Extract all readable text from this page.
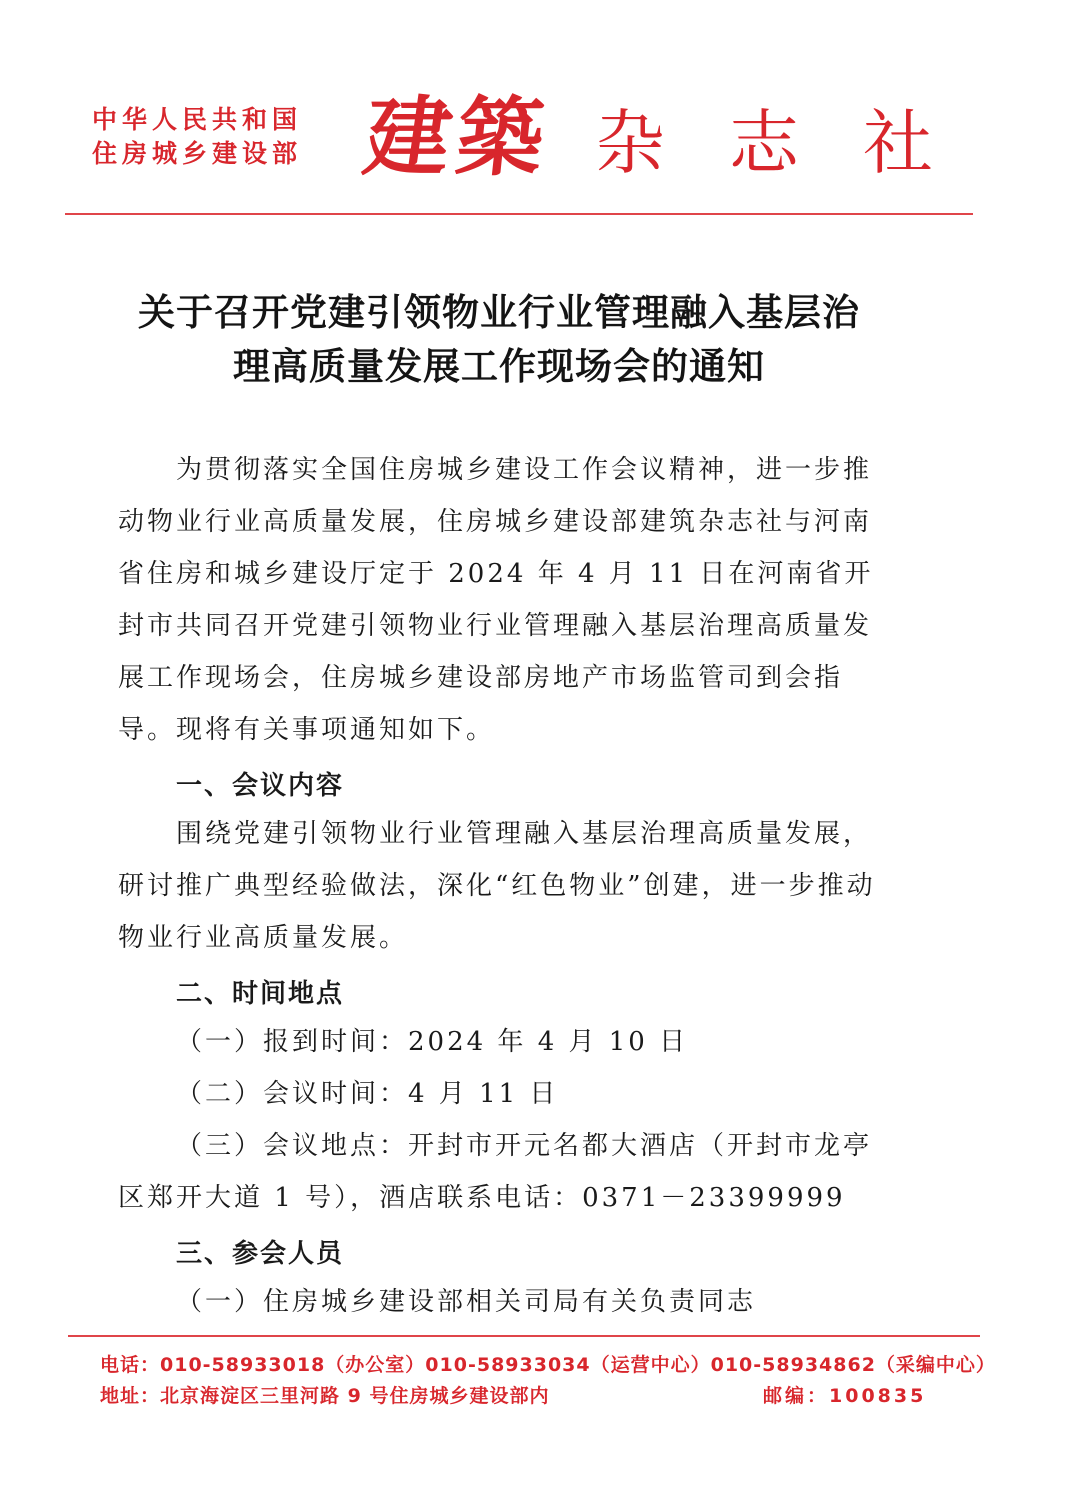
中华人民共和国
住房城乡建设部 建築 杂 志 社
关于召开党建引领物业行业管理融入基层治
理高质量发展工作现场会的通知

为贯彻落实全国住房城乡建设工作会议精神，进一步推动物业行业高质量发展，住房城乡建设部建筑杂志社与河南省住房和城乡建设厅定于 2024 年 4 月 11 日在河南省开封市共同召开党建引领物业行业管理融入基层治理高质量发展工作现场会，住房城乡建设部房地产市场监管司到会指导。现将有关事项通知如下。

一、会议内容

围绕党建引领物业行业管理融入基层治理高质量发展，研讨推广典型经验做法，深化“红色物业”创建，进一步推动物业行业高质量发展。

二、时间地点

（一）报到时间：2024 年 4 月 10 日

（二）会议时间：4 月 11 日

（三）会议地点：开封市开元名都大酒店（开封市龙亭区郑开大道 1 号），酒店联系电话：0371－23399999

三、参会人员

（一）住房城乡建设部相关司局有关负责同志

电话：010-58933018（办公室）010-58933034（运营中心）010-58934862（采编中心）
地址：北京海淀区三里河路 9 号住房城乡建设部内	邮编：100835
